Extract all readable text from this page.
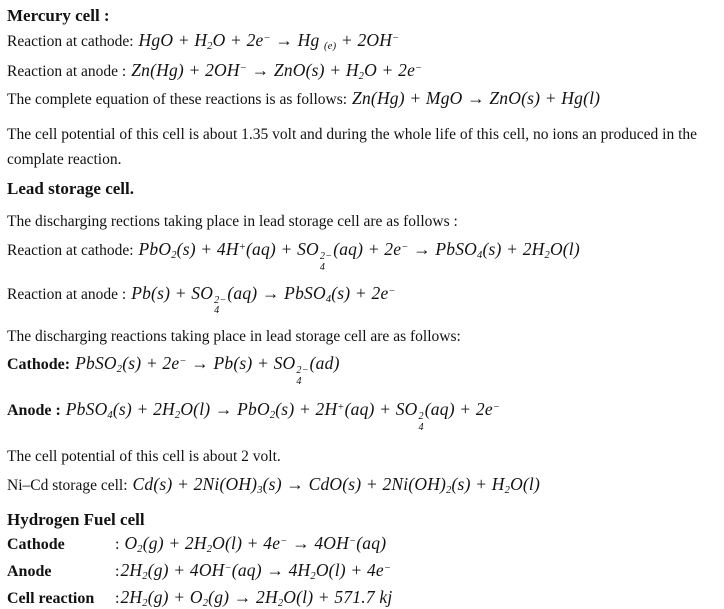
Mercury cell :
Reaction at cathode: HgO + $H_2O + 2e^- \to Hg$ $_{(e)}$ + 2OH−
Reaction at anode : $Zn(Hg) + 2OH^- \to ZnO(s) + H_2O + 2e^-$
The complete equation of these reactions is as follows: Zn(Hg) + MgO → ZnO(s) + Hg(l)
The cell potential of this cell is about 1.35 volt and during the whole life of this cell, no ions an produced in the complate reaction.
Lead storage cell.
The discharging rections taking place in lead storage cell are as follows :
Reaction at cathode: PbO$_2$(s) + 4H+(aq) + SO 2−
4
(aq) + 2e− → PbSO$_4$(s) + $2H_2O(l)$
Reaction at anode : Pb(s) + SO 2−
4
(aq) → PbSO$_4$(s) + 2e−
The discharging reactions taking place in lead storage cell are as follows:
Cathode: PbSO$_2$(s) + 2e− → Pb(s) + SO 2−
4
(ad)
Anode : PbSO$_4$(s) + $2H_2O(l) \to PbO_2(s) + 2H^+(aq)$ + SO 2
4
(aq) + 2e−
The cell potential of this cell is about 2 volt.
Ni–Cd storage cell: $Cd(s) + 2Ni(OH)_3(s) \to CdO(s) + 2Ni(OH)_2(s) + H_2O(l)$
Hydrogen Fuel cell
Cathode	: $O_2(g) + 2H_2O(l) + 4e^- \to 4OH^-(aq)$
Anode	$:2H_2(g) + 4OH^-(aq) \to 4H_2O(l) + 4e^-$
Cell reaction $:2H_2(g) + O_2(g) \to 2H_2O(l) + 571.7$ kj
